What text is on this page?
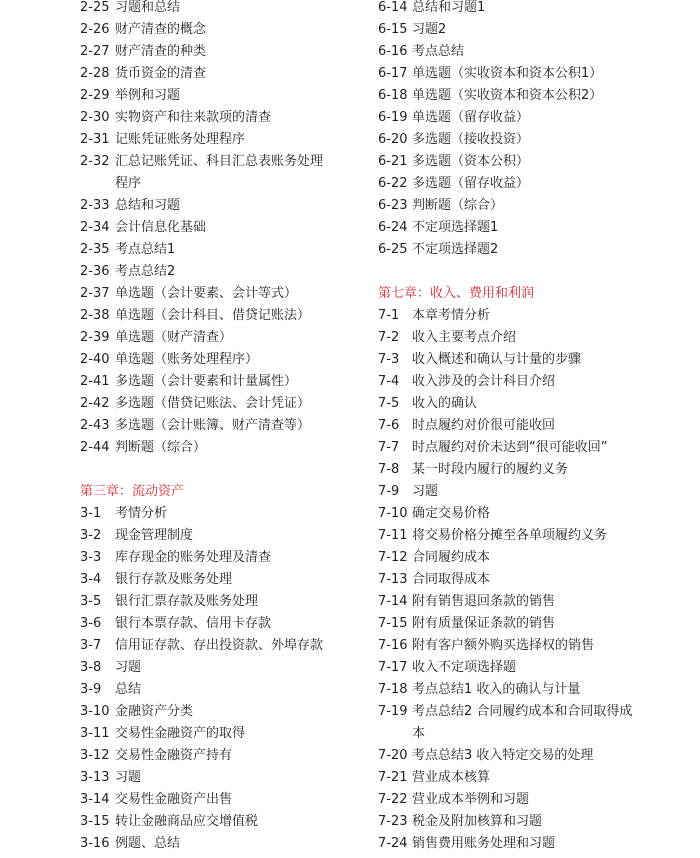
2-25 习题和总结
2-26 财产清查的概念
2-27 财产清查的种类
2-28 货币资金的清查
2-29 举例和习题
2-30 实物资产和往来款项的清查
2-31 记账凭证账务处理程序
2-32 汇总记账凭证、科目汇总表账务处理程序
2-33 总结和习题
2-34 会计信息化基础
2-35 考点总结1
2-36 考点总结2
2-37 单选题（会计要素、会计等式）
2-38 单选题（会计科目、借贷记账法）
2-39 单选题（财产清查）
2-40 单选题（账务处理程序）
2-41 多选题（会计要素和计量属性）
2-42 多选题（借贷记账法、会计凭证）
2-43 多选题（会计账簿、财产清查等）
2-44 判断题（综合）
第三章：流动资产
3-1	考情分析
3-2	现金管理制度
3-3	库存现金的账务处理及清查
3-4	银行存款及账务处理
3-5	银行汇票存款及账务处理
3-6	银行本票存款、信用卡存款
3-7	信用证存款、存出投资款、外埠存款
3-8	习题
3-9	总结
3-10 金融资产分类
3-11 交易性金融资产的取得
3-12 交易性金融资产持有
3-13 习题
3-14 交易性金融资产出售
3-15 转让金融商品应交增值税
3-16 例题、总结
6-14 总结和习题1
6-15 习题2
6-16 考点总结
6-17 单选题（实收资本和资本公积1）
6-18 单选题（实收资本和资本公积2）
6-19 单选题（留存收益）
6-20 多选题（接收投资）
6-21 多选题（资本公积）
6-22 多选题（留存收益）
6-23 判断题（综合）
6-24 不定项选择题1
6-25 不定项选择题2
第七章：收入、费用和利润
7-1 本章考情分析
7-2 收入主要考点介绍
7-3 收入概述和确认与计量的步骤
7-4 收入涉及的会计科目介绍
7-5 收入的确认
7-6 时点履约对价很可能收回
7-7 时点履约对价未达到“很可能收回”
7-8 某一时段内履行的履约义务
7-9 习题
7-10 确定交易价格
7-11 将交易价格分摊至各单项履约义务
7-12 合同履约成本
7-13 合同取得成本
7-14 附有销售退回条款的销售
7-15 附有质量保证条款的销售
7-16 附有客户额外购买选择权的销售
7-17 收入不定项选择题
7-18 考点总结1 收入的确认与计量
7-19 考点总结2 合同履约成本和合同取得成本
7-20 考点总结3 收入特定交易的处理
7-21 营业成本核算
7-22 营业成本举例和习题
7-23 税金及附加核算和习题
7-24 销售费用账务处理和习题
